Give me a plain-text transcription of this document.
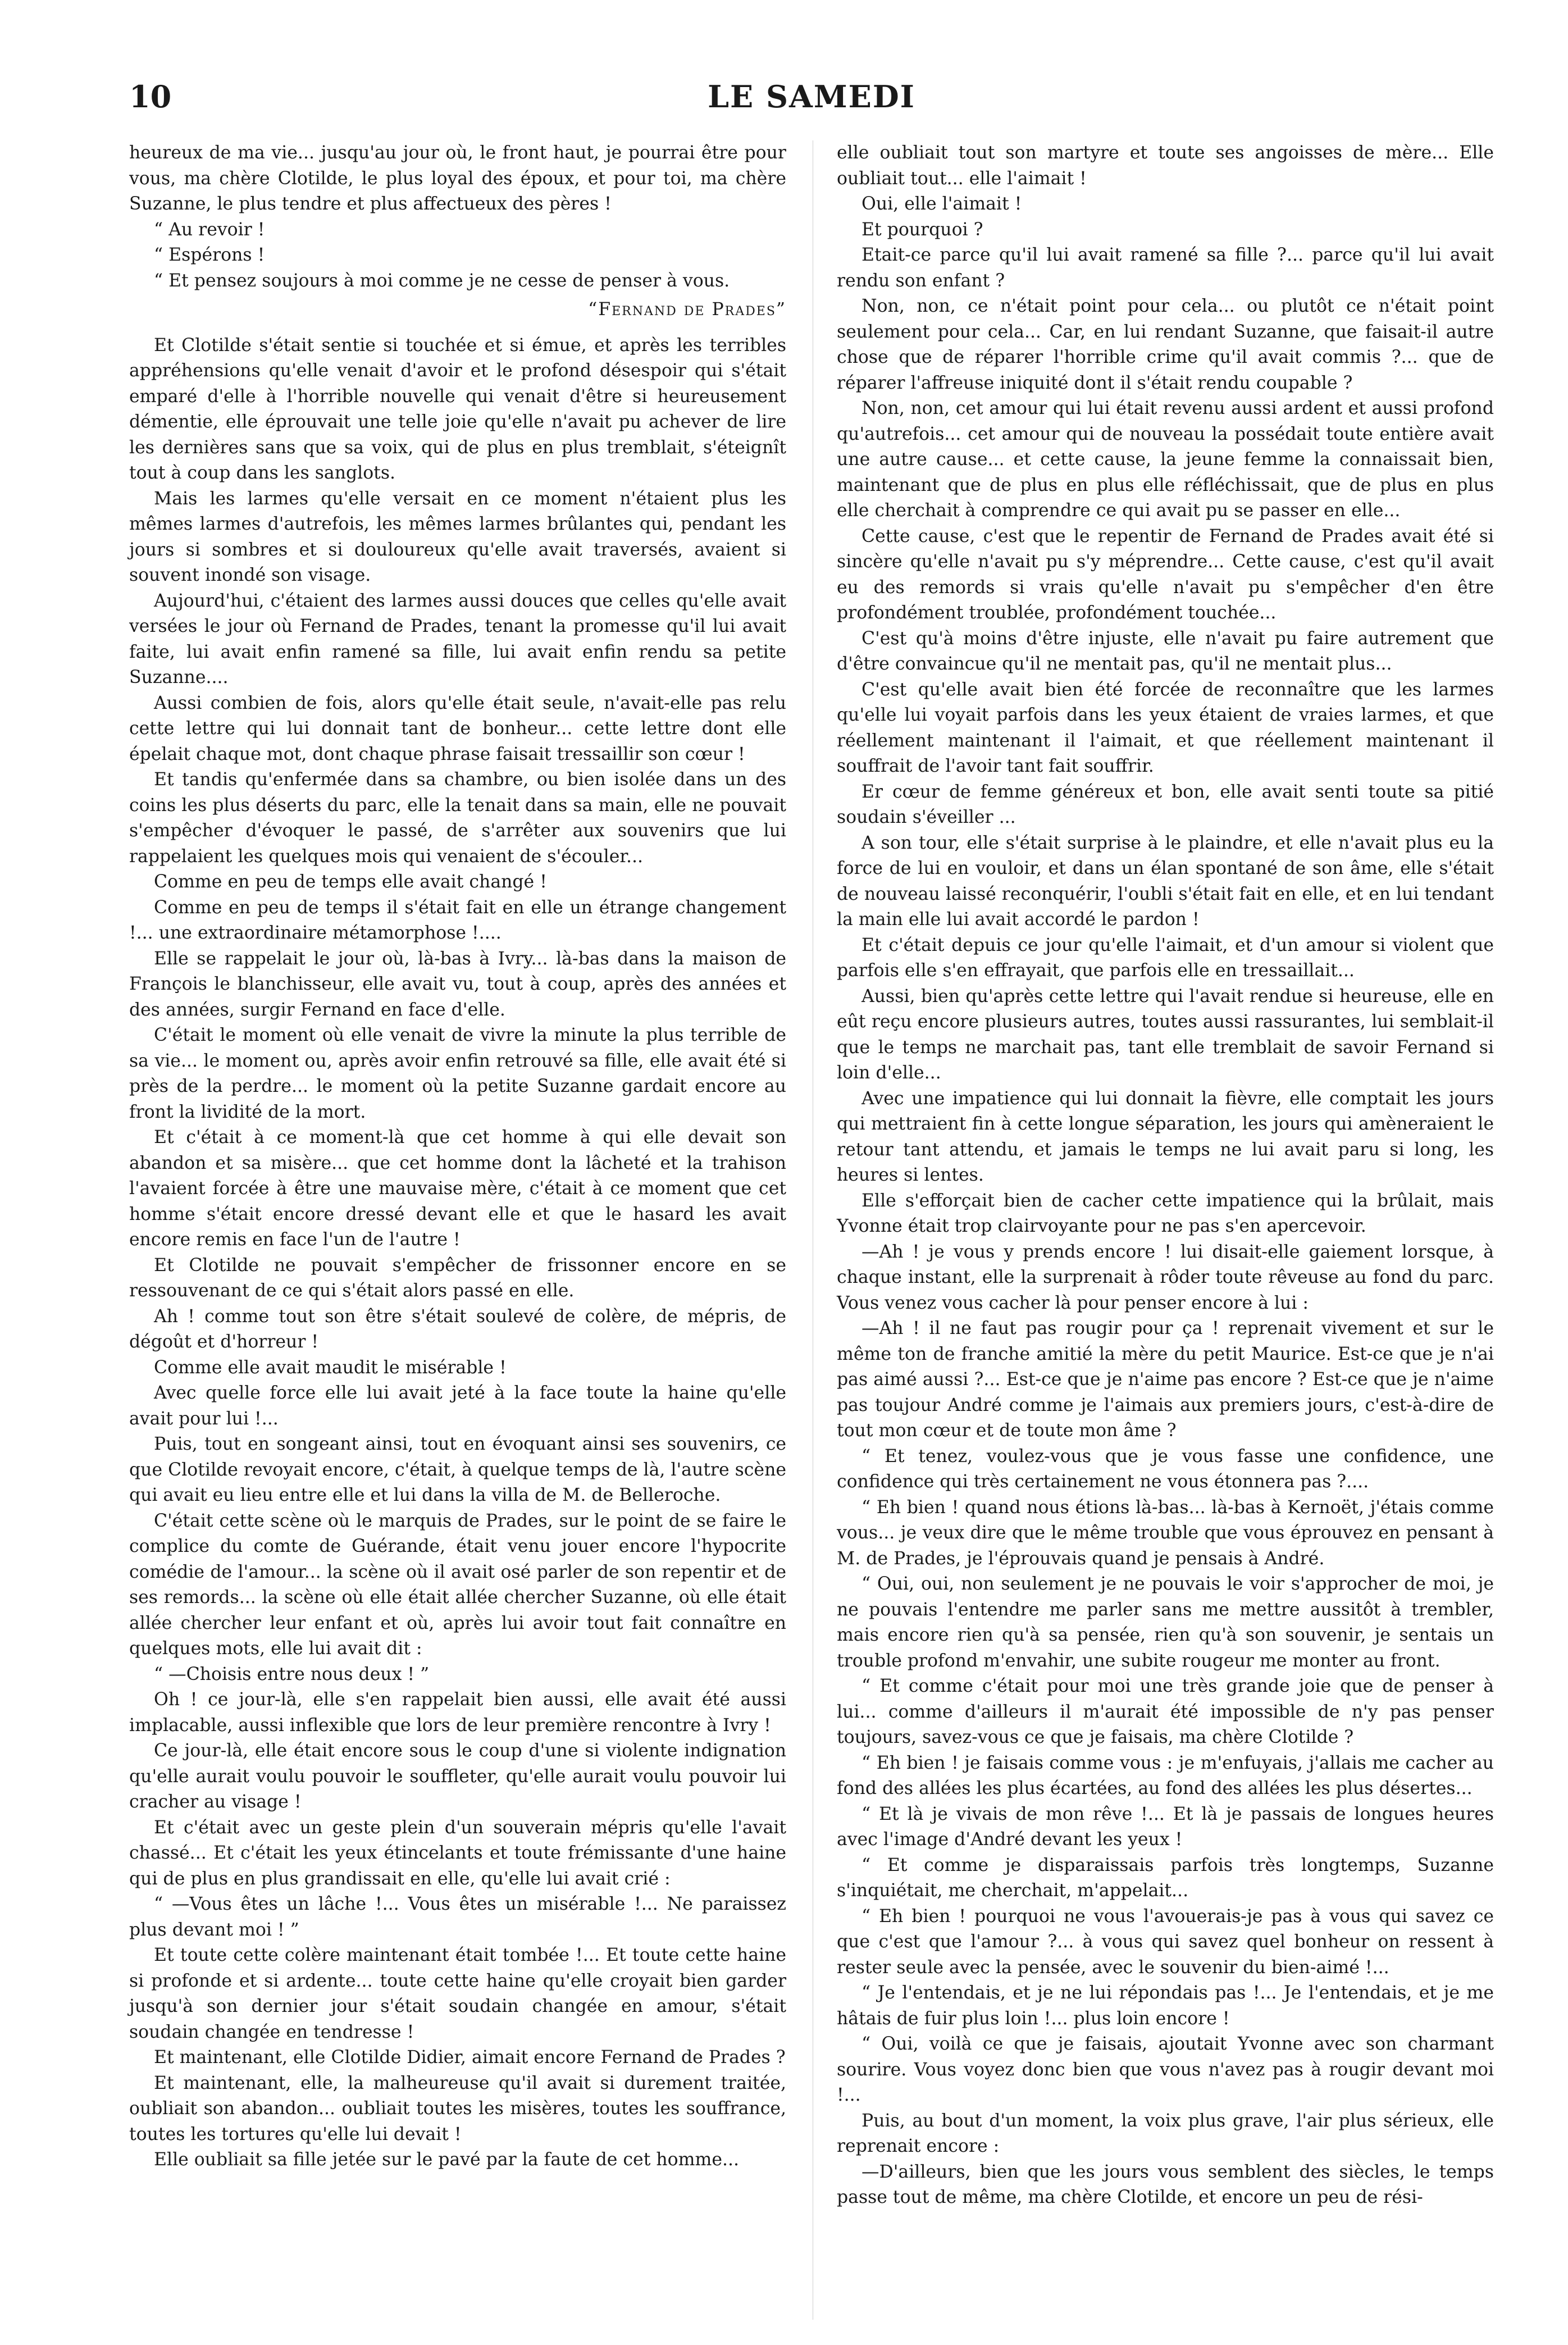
10	LE SAMEDI

heureux de ma vie... jusqu'au jour où, le front haut, je pourrai être pour vous, ma chère Clotilde, le plus loyal des époux, et pour toi, ma chère Suzanne, le plus tendre et plus affectueux des pères !

“ Au revoir !

“ Espérons !

“ Et pensez soujours à moi comme je ne cesse de penser à vous.

“Fernand de Prades”

Et Clotilde s'était sentie si touchée et si émue, et après les terribles appréhensions qu'elle venait d'avoir et le profond désespoir qui s'était emparé d'elle à l'horrible nouvelle qui venait d'être si heureusement démentie, elle éprouvait une telle joie qu'elle n'avait pu achever de lire les dernières sans que sa voix, qui de plus en plus tremblait, s'éteignît tout à coup dans les sanglots.

Mais les larmes qu'elle versait en ce moment n'étaient plus les mêmes larmes d'autrefois, les mêmes larmes brûlantes qui, pendant les jours si sombres et si douloureux qu'elle avait traversés, avaient si souvent inondé son visage.

Aujourd'hui, c'étaient des larmes aussi douces que celles qu'elle avait versées le jour où Fernand de Prades, tenant la promesse qu'il lui avait faite, lui avait enfin ramené sa fille, lui avait enfin rendu sa petite Suzanne....

Aussi combien de fois, alors qu'elle était seule, n'avait-elle pas relu cette lettre qui lui donnait tant de bonheur... cette lettre dont elle épelait chaque mot, dont chaque phrase faisait tressaillir son cœur !

Et tandis qu'enfermée dans sa chambre, ou bien isolée dans un des coins les plus déserts du parc, elle la tenait dans sa main, elle ne pouvait s'empêcher d'évoquer le passé, de s'arrêter aux souvenirs que lui rappelaient les quelques mois qui venaient de s'écouler...

Comme en peu de temps elle avait changé !

Comme en peu de temps il s'était fait en elle un étrange changement !... une extraordinaire métamorphose !....

Elle se rappelait le jour où, là-bas à Ivry... là-bas dans la maison de François le blanchisseur, elle avait vu, tout à coup, après des années et des années, surgir Fernand en face d'elle.

C'était le moment où elle venait de vivre la minute la plus terrible de sa vie... le moment ou, après avoir enfin retrouvé sa fille, elle avait été si près de la perdre... le moment où la petite Suzanne gardait encore au front la lividité de la mort.

Et c'était à ce moment-là que cet homme à qui elle devait son abandon et sa misère... que cet homme dont la lâcheté et la trahison l'avaient forcée à être une mauvaise mère, c'était à ce moment que cet homme s'était encore dressé devant elle et que le hasard les avait encore remis en face l'un de l'autre !

Et Clotilde ne pouvait s'empêcher de frissonner encore en se ressouvenant de ce qui s'était alors passé en elle.

Ah ! comme tout son être s'était soulevé de colère, de mépris, de dégoût et d'horreur !

Comme elle avait maudit le misérable !

Avec quelle force elle lui avait jeté à la face toute la haine qu'elle avait pour lui !...

Puis, tout en songeant ainsi, tout en évoquant ainsi ses souvenirs, ce que Clotilde revoyait encore, c'était, à quelque temps de là, l'autre scène qui avait eu lieu entre elle et lui dans la villa de M. de Belleroche.

C'était cette scène où le marquis de Prades, sur le point de se faire le complice du comte de Guérande, était venu jouer encore l'hypocrite comédie de l'amour... la scène où il avait osé parler de son repentir et de ses remords... la scène où elle était allée chercher Suzanne, où elle était allée chercher leur enfant et où, après lui avoir tout fait connaître en quelques mots, elle lui avait dit :

“ —Choisis entre nous deux ! ”

Oh ! ce jour-là, elle s'en rappelait bien aussi, elle avait été aussi implacable, aussi inflexible que lors de leur première rencontre à Ivry !

Ce jour-là, elle était encore sous le coup d'une si violente indignation qu'elle aurait voulu pouvoir le souffleter, qu'elle aurait voulu pouvoir lui cracher au visage !

Et c'était avec un geste plein d'un souverain mépris qu'elle l'avait chassé... Et c'était les yeux étincelants et toute frémissante d'une haine qui de plus en plus grandissait en elle, qu'elle lui avait crié :

“ —Vous êtes un lâche !... Vous êtes un misérable !... Ne paraissez plus devant moi ! ”

Et toute cette colère maintenant était tombée !... Et toute cette haine si profonde et si ardente... toute cette haine qu'elle croyait bien garder jusqu'à son dernier jour s'était soudain changée en amour, s'était soudain changée en tendresse !

Et maintenant, elle Clotilde Didier, aimait encore Fernand de Prades ?

Et maintenant, elle, la malheureuse qu'il avait si durement traitée, oubliait son abandon... oubliait toutes les misères, toutes les souffrance, toutes les tortures qu'elle lui devait !

Elle oubliait sa fille jetée sur le pavé par la faute de cet homme...

elle oubliait tout son martyre et toute ses angoisses de mère... Elle oubliait tout... elle l'aimait !

Oui, elle l'aimait !

Et pourquoi ?

Etait-ce parce qu'il lui avait ramené sa fille ?... parce qu'il lui avait rendu son enfant ?

Non, non, ce n'était point pour cela... ou plutôt ce n'était point seulement pour cela... Car, en lui rendant Suzanne, que faisait-il autre chose que de réparer l'horrible crime qu'il avait commis ?... que de réparer l'affreuse iniquité dont il s'était rendu coupable ?

Non, non, cet amour qui lui était revenu aussi ardent et aussi profond qu'autrefois... cet amour qui de nouveau la possédait toute entière avait une autre cause... et cette cause, la jeune femme la connaissait bien, maintenant que de plus en plus elle réfléchissait, que de plus en plus elle cherchait à comprendre ce qui avait pu se passer en elle...

Cette cause, c'est que le repentir de Fernand de Prades avait été si sincère qu'elle n'avait pu s'y méprendre... Cette cause, c'est qu'il avait eu des remords si vrais qu'elle n'avait pu s'empêcher d'en être profondément troublée, profondément touchée...

C'est qu'à moins d'être injuste, elle n'avait pu faire autrement que d'être convaincue qu'il ne mentait pas, qu'il ne mentait plus...

C'est qu'elle avait bien été forcée de reconnaître que les larmes qu'elle lui voyait parfois dans les yeux étaient de vraies larmes, et que réellement maintenant il l'aimait, et que réellement maintenant il souffrait de l'avoir tant fait souffrir.

Er cœur de femme généreux et bon, elle avait senti toute sa pitié soudain s'éveiller ...

A son tour, elle s'était surprise à le plaindre, et elle n'avait plus eu la force de lui en vouloir, et dans un élan spontané de son âme, elle s'était de nouveau laissé reconquérir, l'oubli s'était fait en elle, et en lui tendant la main elle lui avait accordé le pardon !

Et c'était depuis ce jour qu'elle l'aimait, et d'un amour si violent que parfois elle s'en effrayait, que parfois elle en tressaillait...

Aussi, bien qu'après cette lettre qui l'avait rendue si heureuse, elle en eût reçu encore plusieurs autres, toutes aussi rassurantes, lui semblait-il que le temps ne marchait pas, tant elle tremblait de savoir Fernand si loin d'elle...

Avec une impatience qui lui donnait la fièvre, elle comptait les jours qui mettraient fin à cette longue séparation, les jours qui amèneraient le retour tant attendu, et jamais le temps ne lui avait paru si long, les heures si lentes.

Elle s'efforçait bien de cacher cette impatience qui la brûlait, mais Yvonne était trop clairvoyante pour ne pas s'en apercevoir.

—Ah ! je vous y prends encore ! lui disait-elle gaiement lorsque, à chaque instant, elle la surprenait à rôder toute rêveuse au fond du parc. Vous venez vous cacher là pour penser encore à lui :

—Ah ! il ne faut pas rougir pour ça ! reprenait vivement et sur le même ton de franche amitié la mère du petit Maurice. Est-ce que je n'ai pas aimé aussi ?... Est-ce que je n'aime pas encore ? Est-ce que je n'aime pas toujour André comme je l'aimais aux premiers jours, c'est-à-dire de tout mon cœur et de toute mon âme ?

“ Et tenez, voulez-vous que je vous fasse une confidence, une confidence qui très certainement ne vous étonnera pas ?....

“ Eh bien ! quand nous étions là-bas... là-bas à Kernoët, j'étais comme vous... je veux dire que le même trouble que vous éprouvez en pensant à M. de Prades, je l'éprouvais quand je pensais à André.

“ Oui, oui, non seulement je ne pouvais le voir s'approcher de moi, je ne pouvais l'entendre me parler sans me mettre aussitôt à trembler, mais encore rien qu'à sa pensée, rien qu'à son souvenir, je sentais un trouble profond m'envahir, une subite rougeur me monter au front.

“ Et comme c'était pour moi une très grande joie que de penser à lui... comme d'ailleurs il m'aurait été impossible de n'y pas penser toujours, savez-vous ce que je faisais, ma chère Clotilde ?

“ Eh bien ! je faisais comme vous : je m'enfuyais, j'allais me cacher au fond des allées les plus écartées, au fond des allées les plus désertes...

“ Et là je vivais de mon rêve !... Et là je passais de longues heures avec l'image d'André devant les yeux !

“ Et comme je disparaissais parfois très longtemps, Suzanne s'inquiétait, me cherchait, m'appelait...

“ Eh bien ! pourquoi ne vous l'avouerais-je pas à vous qui savez ce que c'est que l'amour ?... à vous qui savez quel bonheur on ressent à rester seule avec la pensée, avec le souvenir du bien-aimé !...

“ Je l'entendais, et je ne lui répondais pas !... Je l'entendais, et je me hâtais de fuir plus loin !... plus loin encore !

“ Oui, voilà ce que je faisais, ajoutait Yvonne avec son charmant sourire. Vous voyez donc bien que vous n'avez pas à rougir devant moi !...

Puis, au bout d'un moment, la voix plus grave, l'air plus sérieux, elle reprenait encore :

—D'ailleurs, bien que les jours vous semblent des siècles, le temps passe tout de même, ma chère Clotilde, et encore un peu de rési-
